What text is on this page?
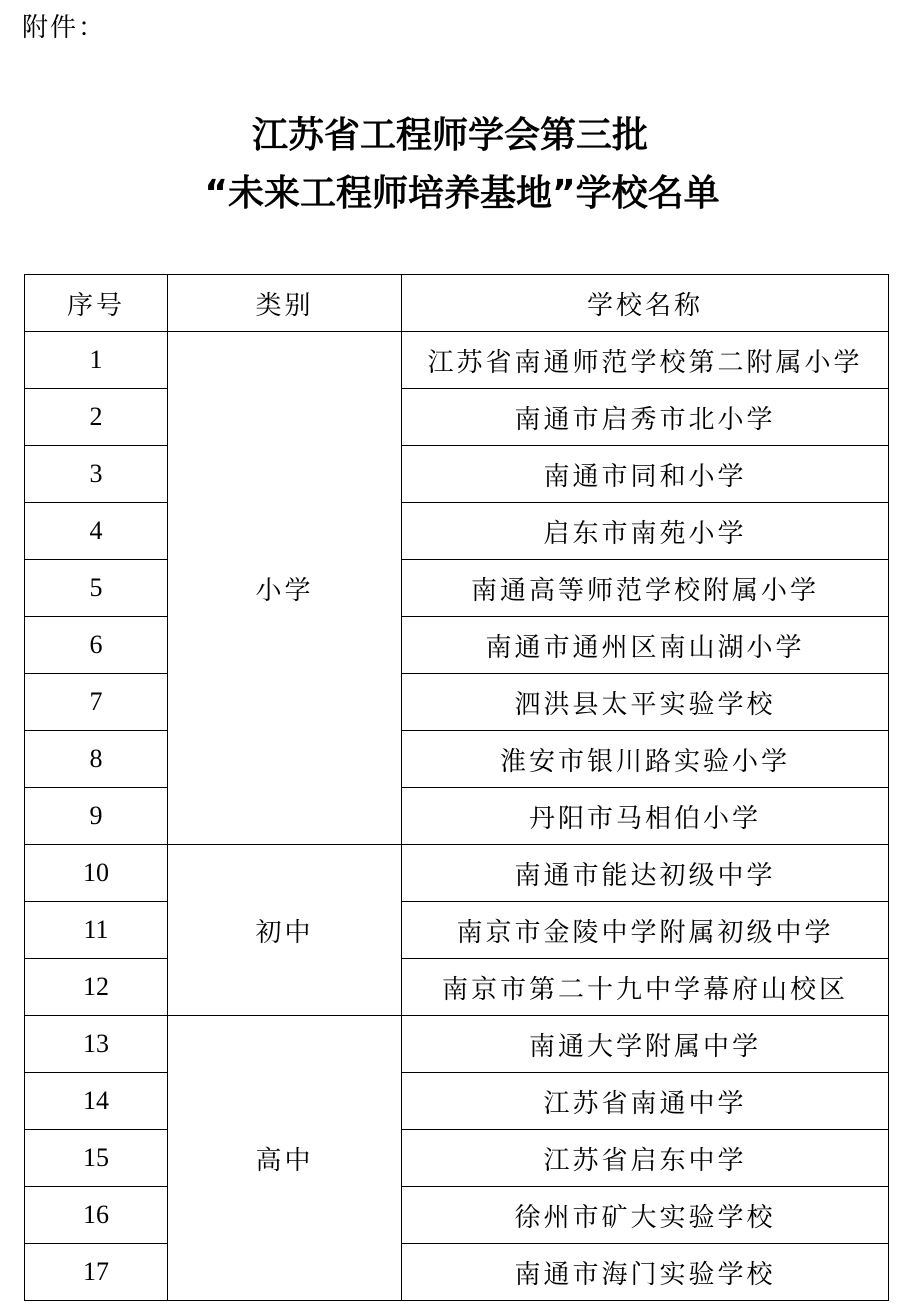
附件：
江苏省工程师学会第三批
“未来工程师培养基地”学校名单
序号	类别	学校名称
1	小学	江苏省南通师范学校第二附属小学
2		南通市启秀市北小学
3		南通市同和小学
4		启东市南苑小学
5		南通高等师范学校附属小学
6		南通市通州区南山湖小学
7		泗洪县太平实验学校
8		淮安市银川路实验小学
9		丹阳市马相伯小学
10	初中	南通市能达初级中学
11		南京市金陵中学附属初级中学
12		南京市第二十九中学幕府山校区
13	高中	南通大学附属中学
14		江苏省南通中学
15		江苏省启东中学
16		徐州市矿大实验学校
17		南通市海门实验学校
